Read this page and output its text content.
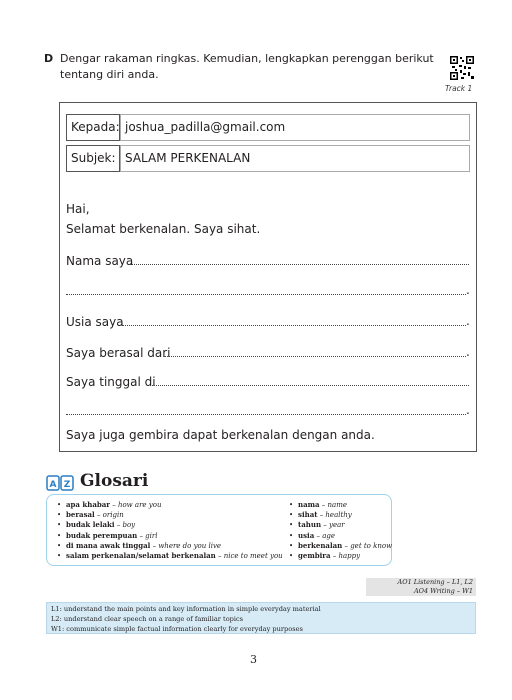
D Dengar rakaman ringkas. Kemudian, lengkapkan perenggan berikut tentang diri anda.
Track 1
Kepada: joshua_padilla@gmail.com
Subjek: SALAM PERKENALAN
Hai,
Selamat berkenalan. Saya sihat.
Nama saya
.
Usia saya	.
Saya berasal dari	.
Saya tinggal di
.
Saya juga gembira dapat berkenalan dengan anda.
A Z Glosari
• apa khabar – how are you
• berasal – origin
• budak lelaki – boy
• budak perempuan – girl
• di mana awak tinggal – where do you live
• salam perkenalan/selamat berkenalan – nice to meet you
• nama – name
• sihat – healthy
• tahun – year
• usia – age
• berkenalan – get to know
• gembira – happy
AO1 Listening – L1, L2
AO4 Writing – W1
L1: understand the main points and key information in simple everyday material
L2: understand clear speech on a range of familiar topics
W1: communicate simple factual information clearly for everyday purposes
3
